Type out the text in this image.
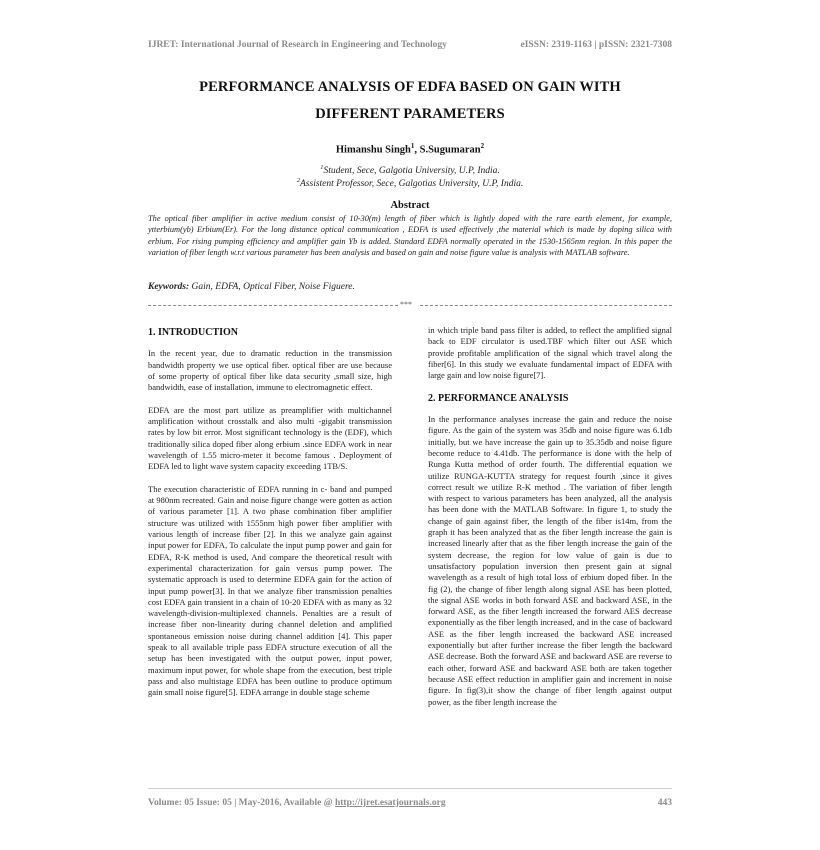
IJRET: International Journal of Research in Engineering and Technology	eISSN: 2319-1163 | pISSN: 2321-7308
PERFORMANCE ANALYSIS OF EDFA BASED ON GAIN WITH
DIFFERENT PARAMETERS
Himanshu Singh$^1$, S.Sugumaran$^2$
$^1$Student, Sece, Galgotia University, U.P, India.
$^2$Assistent Professor, Sece, Galgotias University, U.P, India.
Abstract
The optical fiber amplifier in active medium consist of 10-30(m) length of fiber which is lightly doped with the rare earth element, for example, ytterbium(yb) Erbium(Er). For the long distance optical communication , EDFA is used effectively ,the material which is made by doping silica with erbium. For rising pumping efficiency and amplifier gain Yb is added. Standard EDFA normally operated in the 1530-1565nm region. In this paper the variation of fiber length w.r.t various parameter has been analysis and based on gain and noise figure value is analysis with MATLAB software.
Keywords: Gain, EDFA, Optical Fiber, Noise Figuere.
***
1. INTRODUCTION

In the recent year, due to dramatic reduction in the transmission bandwidth property we use optical fiber. optical fiber are use because of some property of optical fiber like data security ,small size, high bandwidth, ease of installation, immune to electromagnetic effect.

EDFA are the most part utilize as preamplifier with multichannel amplification without crosstalk and also multi -gigabit transmission rates by low bit error. Most significant technology is the (EDF), which traditionally silica doped fiber along erbium .since EDFA work in near wavelength of 1.55 micro-meter it become famous . Deployment of EDFA led to light wave system capacity exceeding 1TB/S.

The execution characteristic of EDFA running in c- band and pumped at 980nm recreated. Gain and noise figure change were gotten as action of various parameter [1]. A two phase combination fiber amplifier structure was utilized with 1555nm high power fiber amplifier with various length of increase fiber [2]. In this we analyze gain against input power for EDFA, To calculate the input pump power and gain for EDFA, R-K method is used, And compare the theoretical result with experimental characterization for gain versus pump power. The systematic approach is used to determine EDFA gain for the action of input pump power[3]. In that we analyze fiber transmission penalties cost EDFA gain transient in a chain of 10-20 EDFA with as many as 32 wavelength-division-multiplexed channels. Penalties are a result of increase fiber non-linearity during channel deletion and amplified spontaneous emission noise during channel addition [4]. This paper speak to all available triple pass EDFA structure execution of all the setup has been investigated with the output power, input power, maximum input power, for whole shape from the execution, best triple pass and also multistage EDFA has been outline to produce optimum gain small noise figure[5]. EDFA arrange in double stage scheme

in which triple band pass filter is added, to reflect the amplified signal back to EDF circulator is used.TBF which filter out ASE which provide profitable amplification of the signal which travel along the fiber[6]. In this study we evaluate fundamental impact of EDFA with large gain and low noise figure[7].

2. PERFORMANCE ANALYSIS

In the performance analyses increase the gain and reduce the noise figure. As the gain of the system was 35db and noise figure was 6.1db initially, but we have increase the gain up to 35.35db and noise figure become reduce to 4.41db. The performance is done with the help of Runga Kutta method of order fourth. The differential equation we utilize RUNGA-KUTTA strategy for request fourth ,since it gives correct result we utilize R-K method . The variation of fiber length with respect to various parameters has been analyzed, all the analysis has been done with the MATLAB Software. In figure 1, to study the change of gain against fiber, the length of the fiber is14m, from the graph it has been analyzed that as the fiber length increase the gain is increased linearly after that as the fiber length increase the gain of the system decrease, the region for low value of gain is due to unsatisfactory population inversion then present gain at signal wavelength as a result of high total loss of erbium doped fiber. In the fig (2), the change of fiber length along signal ASE has been plotted, the signal ASE works in both forward ASE and backward ASE, in the forward ASE, as the fiber length increased the forward AES decrease exponentially as the fiber length increased, and in the case of backward ASE as the fiber length increased the backward ASE increased exponentially but after further increase the fiber length the backward ASE decrease. Both the forward ASE and backward ASE are reverse to each other, forward ASE and backward ASE both are taken together because ASE effect reduction in amplifier gain and increment in noise figure. In fig(3),it show the change of fiber length against output power, as the fiber length increase the

Volume: 05 Issue: 05 | May-2016, Available @ http://ijret.esatjournals.org	443
